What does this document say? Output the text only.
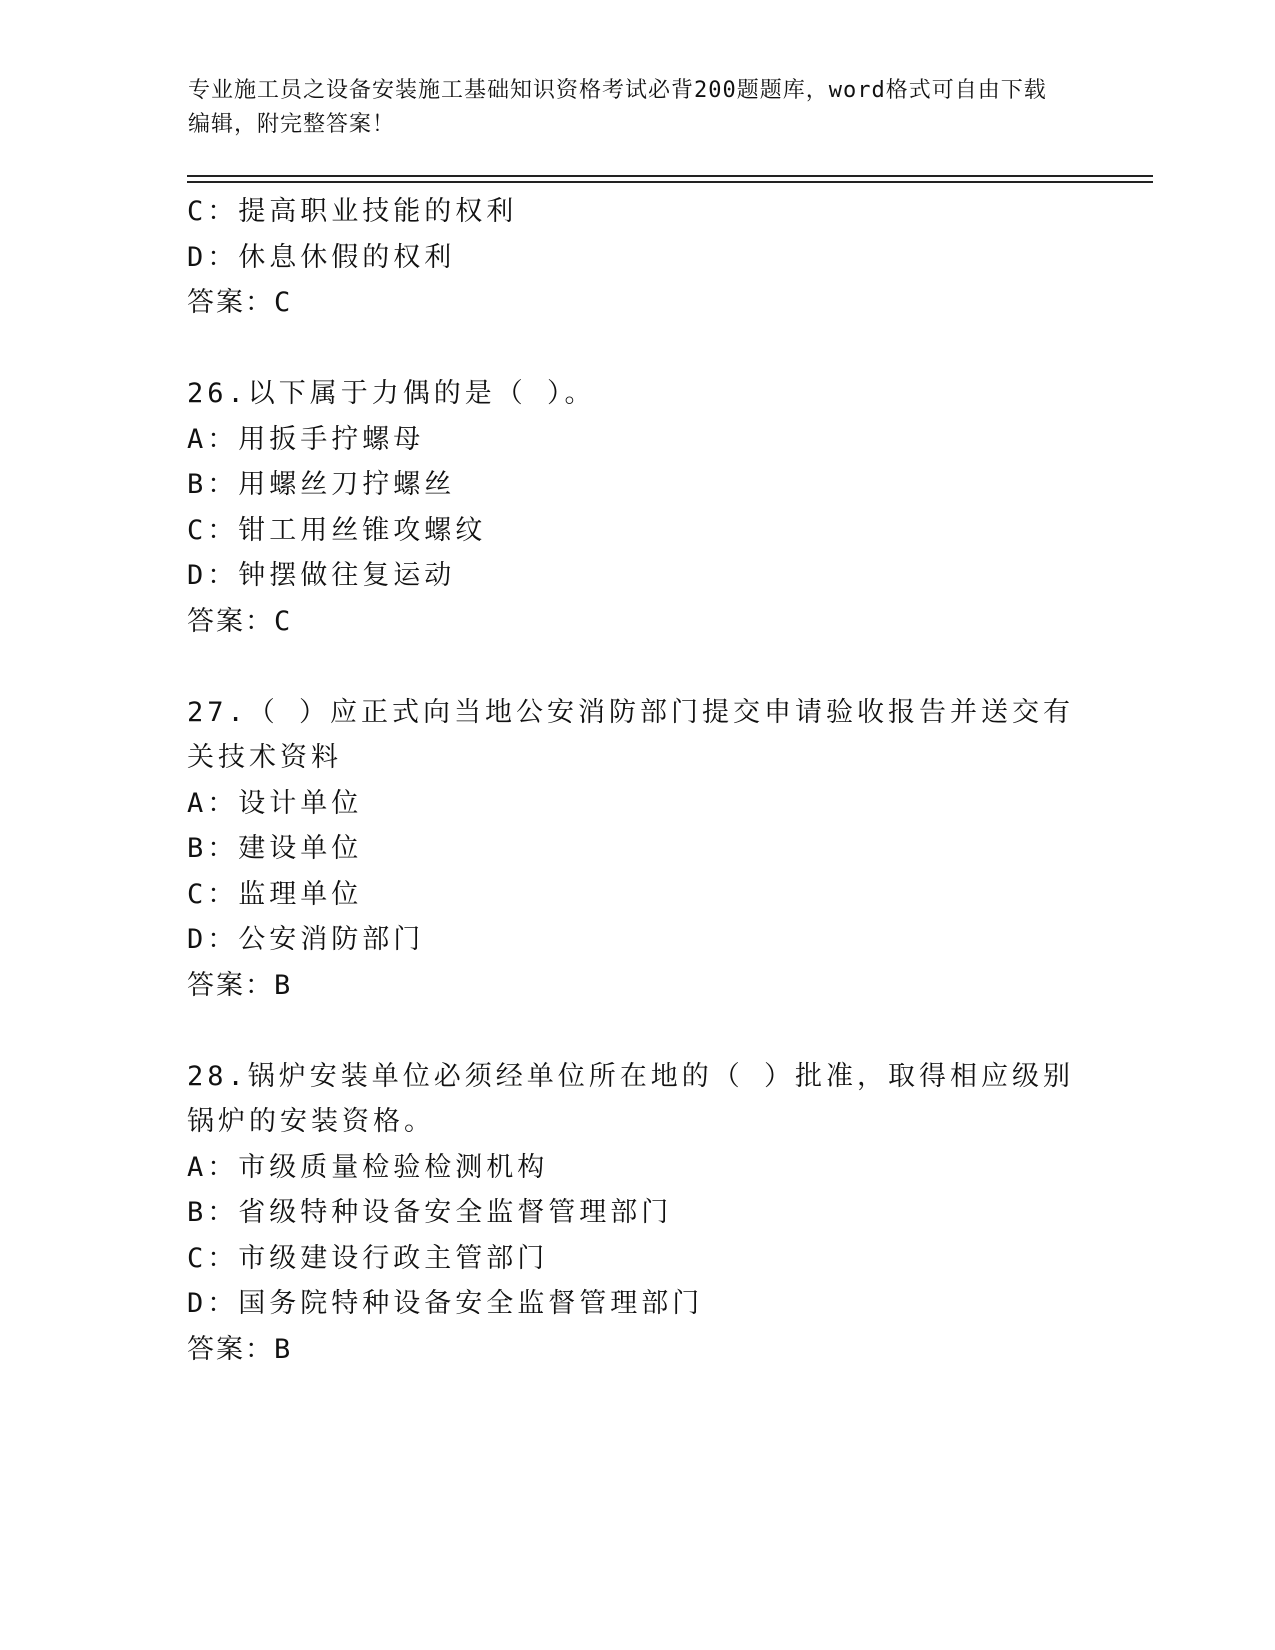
专业施工员之设备安装施工基础知识资格考试必背200题题库，word格式可自由下载编辑，附完整答案！
C：提高职业技能的权利
D：休息休假的权利
答案：C
26.以下属于力偶的是（ ）。
A：用扳手拧螺母
B：用螺丝刀拧螺丝
C：钳工用丝锥攻螺纹
D：钟摆做往复运动
答案：C
27.（ ）应正式向当地公安消防部门提交申请验收报告并送交有关技术资料
A：设计单位
B：建设单位
C：监理单位
D：公安消防部门
答案：B
28.锅炉安装单位必须经单位所在地的（ ）批准，取得相应级别锅炉的安装资格。
A：市级质量检验检测机构
B：省级特种设备安全监督管理部门
C：市级建设行政主管部门
D：国务院特种设备安全监督管理部门
答案：B
